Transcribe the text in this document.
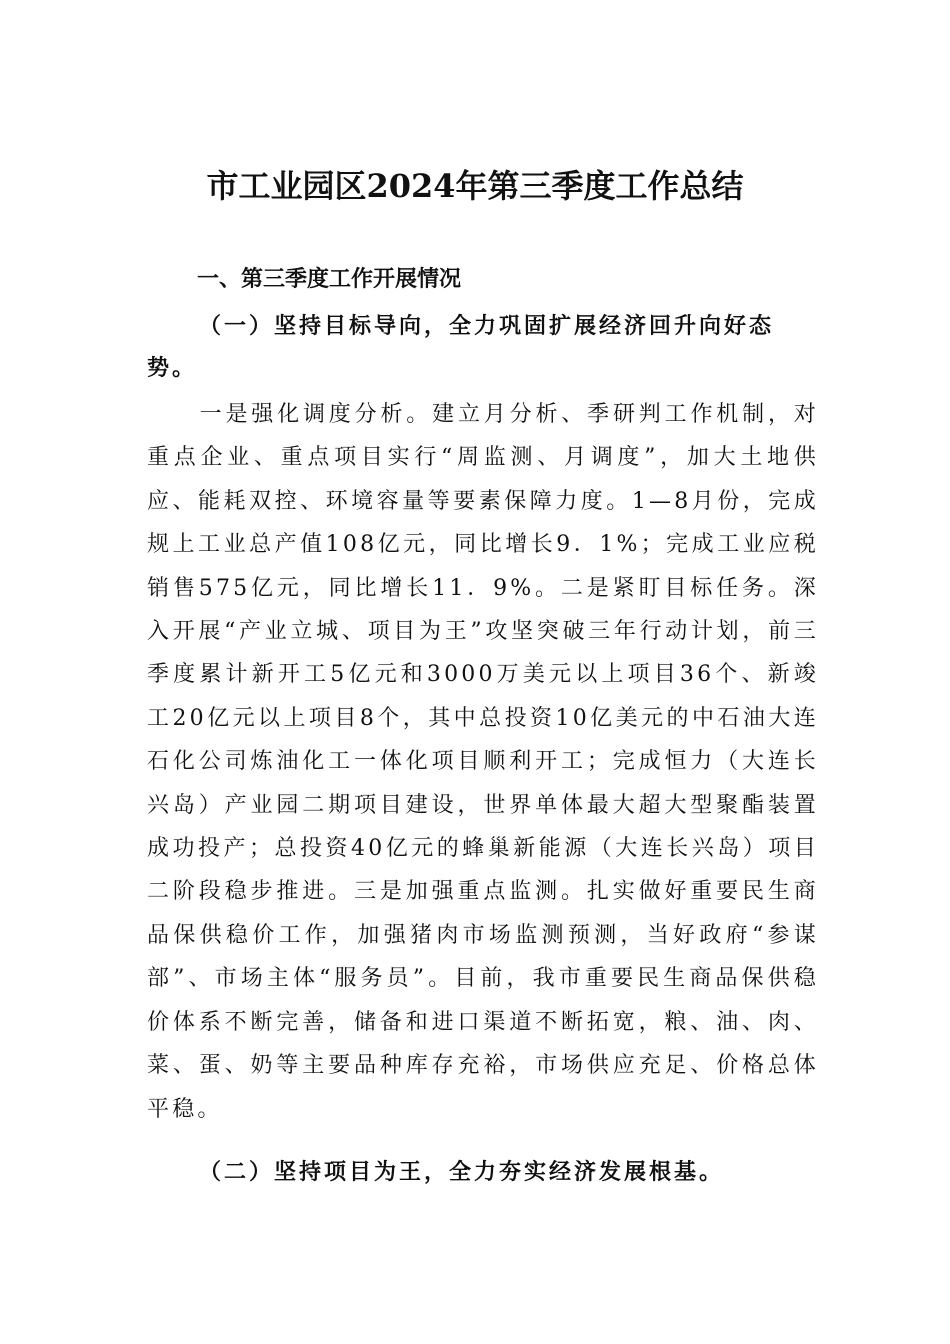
市工业园区2024年第三季度工作总结

一、第三季度工作开展情况

（一）坚持目标导向，全力巩固扩展经济回升向好态势。

一是强化调度分析。建立月分析、季研判工作机制，对重点企业、重点项目实行“周监测、月调度”，加大土地供应、能耗双控、环境容量等要素保障力度。1—8月份，完成规上工业总产值108亿元，同比增长9．1%；完成工业应税销售575亿元，同比增长11．9%。二是紧盯目标任务。深入开展“产业立城、项目为王”攻坚突破三年行动计划，前三季度累计新开工5亿元和3000万美元以上项目36个、新竣工20亿元以上项目8个，其中总投资10亿美元的中石油大连石化公司炼油化工一体化项目顺利开工；完成恒力（大连长兴岛）产业园二期项目建设，世界单体最大超大型聚酯装置成功投产；总投资40亿元的蜂巢新能源（大连长兴岛）项目二阶段稳步推进。三是加强重点监测。扎实做好重要民生商品保供稳价工作，加强猪肉市场监测预测，当好政府“参谋部”、市场主体“服务员”。目前，我市重要民生商品保供稳价体系不断完善，储备和进口渠道不断拓宽，粮、油、肉、菜、蛋、奶等主要品种库存充裕，市场供应充足、价格总体平稳。

（二）坚持项目为王，全力夯实经济发展根基。
